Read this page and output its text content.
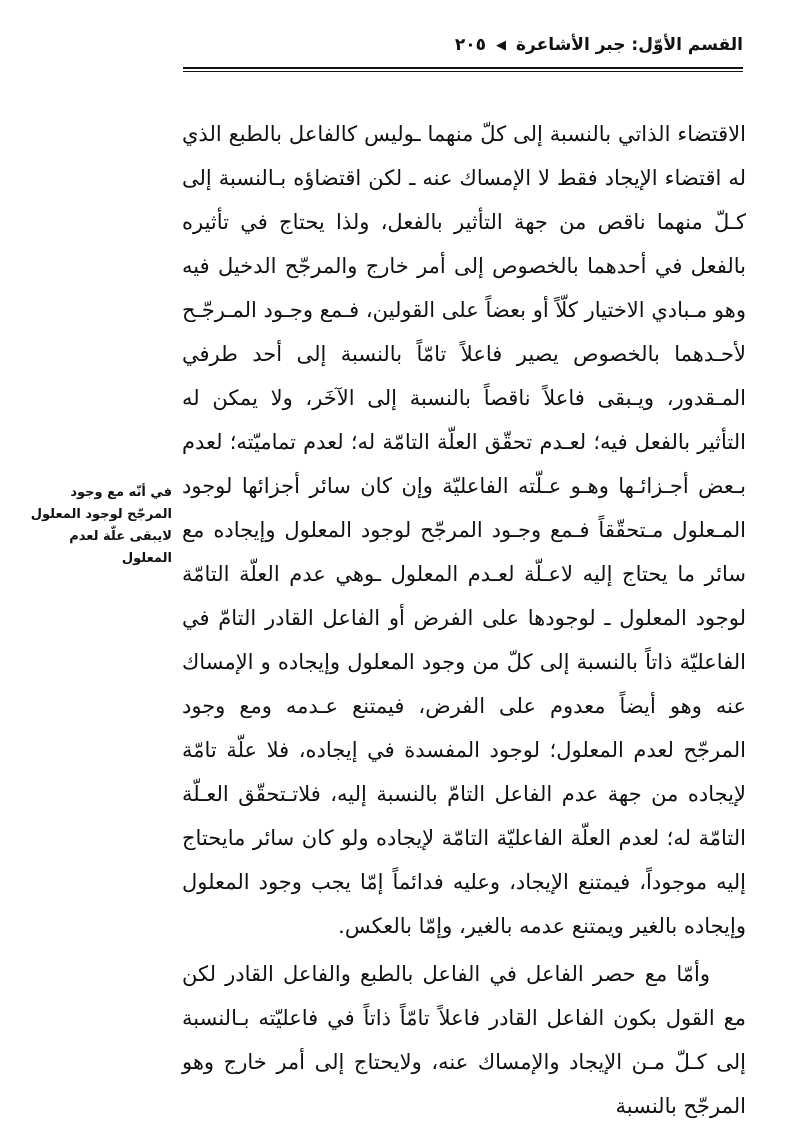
القسم الأوّل: جبر الأشاعرة
◀
٢٠٥
في أنّه مع وجود المرجّح لوجود المعلول لايبقى علّة لعدم المعلول

الاقتضاء الذاتي بالنسبة إلى كلّ منهما ـوليس كالفاعل بالطبع الذي له اقتضاء الإيجاد فقط لا الإمساك عنه ـ لكن اقتضاؤه بـالنسبة إلى كـلّ منهما ناقص من جهة التأثير بالفعل، ولذا يحتاج في تأثيره بالفعل في أحدهما بالخصوص إلى أمر خارج والمرجّح الدخيل فيه وهو مـبادي الاختيار كلّاً أو بعضاً على القولين، فـمع وجـود المـرجّـح لأحـدهما بالخصوص يصير فاعلاً تامّاً بالنسبة إلى أحد طرفي المـقدور، ويـبقى فاعلاً ناقصاً بالنسبة إلى الآخَر، ولا يمكن له التأثير بالفعل فيه؛ لعـدم تحقّق العلّة التامّة له؛ لعدم تماميّته؛ لعدم بـعض أجـزائـها وهـو عـلّته الفاعليّة وإن كان سائر أجزائها لوجود المـعلول مـتحقّقاً فـمع وجـود المرجّح لوجود المعلول وإيجاده مع سائر ما يحتاج إليه لاعـلّة لعـدم المعلول ـوهي عدم العلّة التامّة لوجود المعلول ـ لوجودها على الفرض أو الفاعل القادر التامّ في الفاعليّة ذاتاً بالنسبة إلى كلّ من وجود المعلول وإيجاده و الإمساك عنه وهو أيضاً معدوم على الفرض، فيمتنع عـدمه ومع وجود المرجّح لعدم المعلول؛ لوجود المفسدة في إيجاده، فلا علّة تامّة لإيجاده من جهة عدم الفاعل التامّ بالنسبة إليه، فلاتـتحقّق العـلّة التامّة له؛ لعدم العلّة الفاعليّة التامّة لإيجاده ولو كان سائر مايحتاج إليه موجوداً، فيمتنع الإيجاد، وعليه فدائماً إمّا يجب وجود المعلول وإيجاده بالغير ويمتنع عدمه بالغير، وإمّا بالعكس.

وأمّا مع حصر الفاعل في الفاعل بالطبع والفاعل القادر لكن مع القول بكون الفاعل القادر فاعلاً تامّاً ذاتاً في فاعليّته بـالنسبة إلى كـلّ مـن الإيجاد والإمساك عنه، ولايحتاج إلى أمر خارج وهو المرجّح بالنسبة
